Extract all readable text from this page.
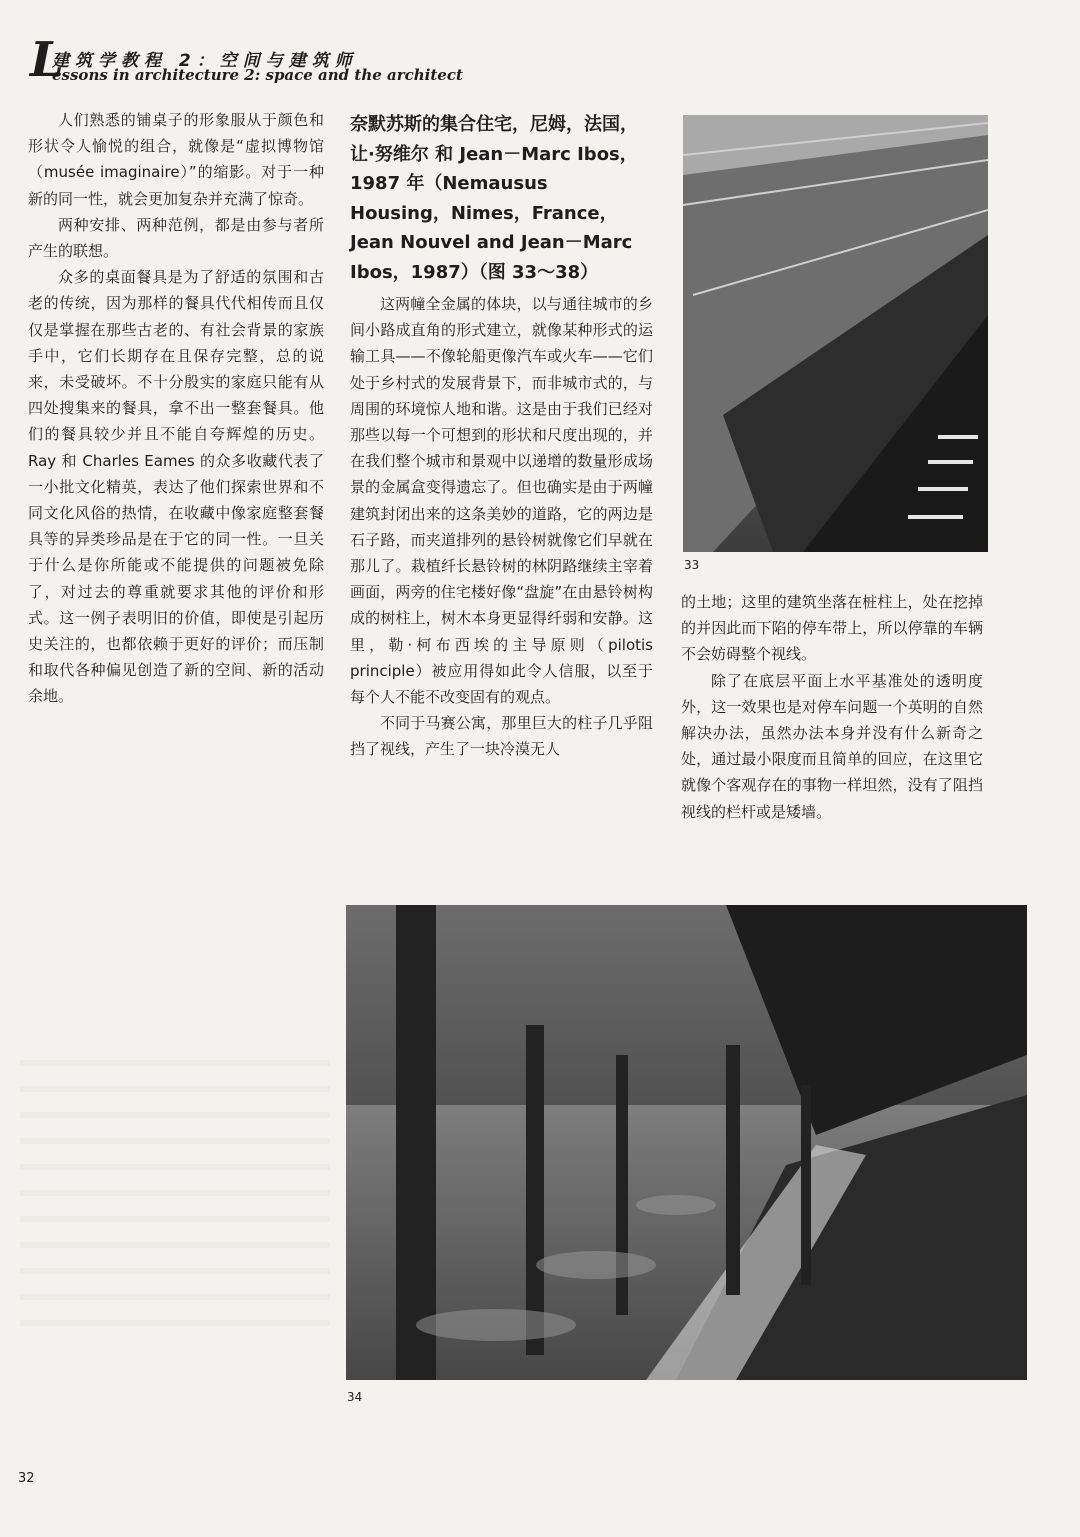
L
建筑学教程 2：空间与建筑师
essons in architecture 2: space and the architect

人们熟悉的铺桌子的形象服从于颜色和形状令人愉悦的组合，就像是“虚拟博物馆（musée imaginaire）”的缩影。对于一种新的同一性，就会更加复杂并充满了惊奇。

两种安排、两种范例，都是由参与者所产生的联想。

众多的桌面餐具是为了舒适的氛围和古老的传统，因为那样的餐具代代相传而且仅仅是掌握在那些古老的、有社会背景的家族手中，它们长期存在且保存完整，总的说来，未受破坏。不十分殷实的家庭只能有从四处搜集来的餐具，拿不出一整套餐具。他们的餐具较少并且不能自夸辉煌的历史。Ray 和 Charles Eames 的众多收藏代表了一小批文化精英，表达了他们探索世界和不同文化风俗的热情，在收藏中像家庭整套餐具等的异类珍品是在于它的同一性。一旦关于什么是你所能或不能提供的问题被免除了，对过去的尊重就要求其他的评价和形式。这一例子表明旧的价值，即使是引起历史关注的，也都依赖于更好的评价；而压制和取代各种偏见创造了新的空间、新的活动余地。

奈默苏斯的集合住宅，尼姆，法国，让·努维尔 和 Jean－Marc Ibos，1987 年（Nemausus Housing，Nimes，France，Jean Nouvel and Jean－Marc Ibos，1987）（图 33～38）

这两幢全金属的体块，以与通往城市的乡间小路成直角的形式建立，就像某种形式的运输工具——不像轮船更像汽车或火车——它们处于乡村式的发展背景下，而非城市式的，与周围的环境惊人地和谐。这是由于我们已经对那些以每一个可想到的形状和尺度出现的，并在我们整个城市和景观中以递增的数量形成场景的金属盒变得遗忘了。但也确实是由于两幢建筑封闭出来的这条美妙的道路，它的两边是石子路，而夹道排列的悬铃树就像它们早就在那儿了。栽植纤长悬铃树的林阴路继续主宰着画面，两旁的住宅楼好像“盘旋”在由悬铃树构成的树柱上，树木本身更显得纤弱和安静。这里，勒·柯布西埃的主导原则（pilotis principle）被应用得如此令人信服，以至于每个人不能不改变固有的观点。

不同于马赛公寓，那里巨大的柱子几乎阻挡了视线，产生了一块冷漠无人

33

的土地；这里的建筑坐落在桩柱上，处在挖掉的并因此而下陷的停车带上，所以停靠的车辆不会妨碍整个视线。

除了在底层平面上水平基准处的透明度外，这一效果也是对停车问题一个英明的自然解决办法，虽然办法本身并没有什么新奇之处，通过最小限度而且简单的回应，在这里它就像个客观存在的事物一样坦然，没有了阻挡视线的栏杆或是矮墙。

34
32
